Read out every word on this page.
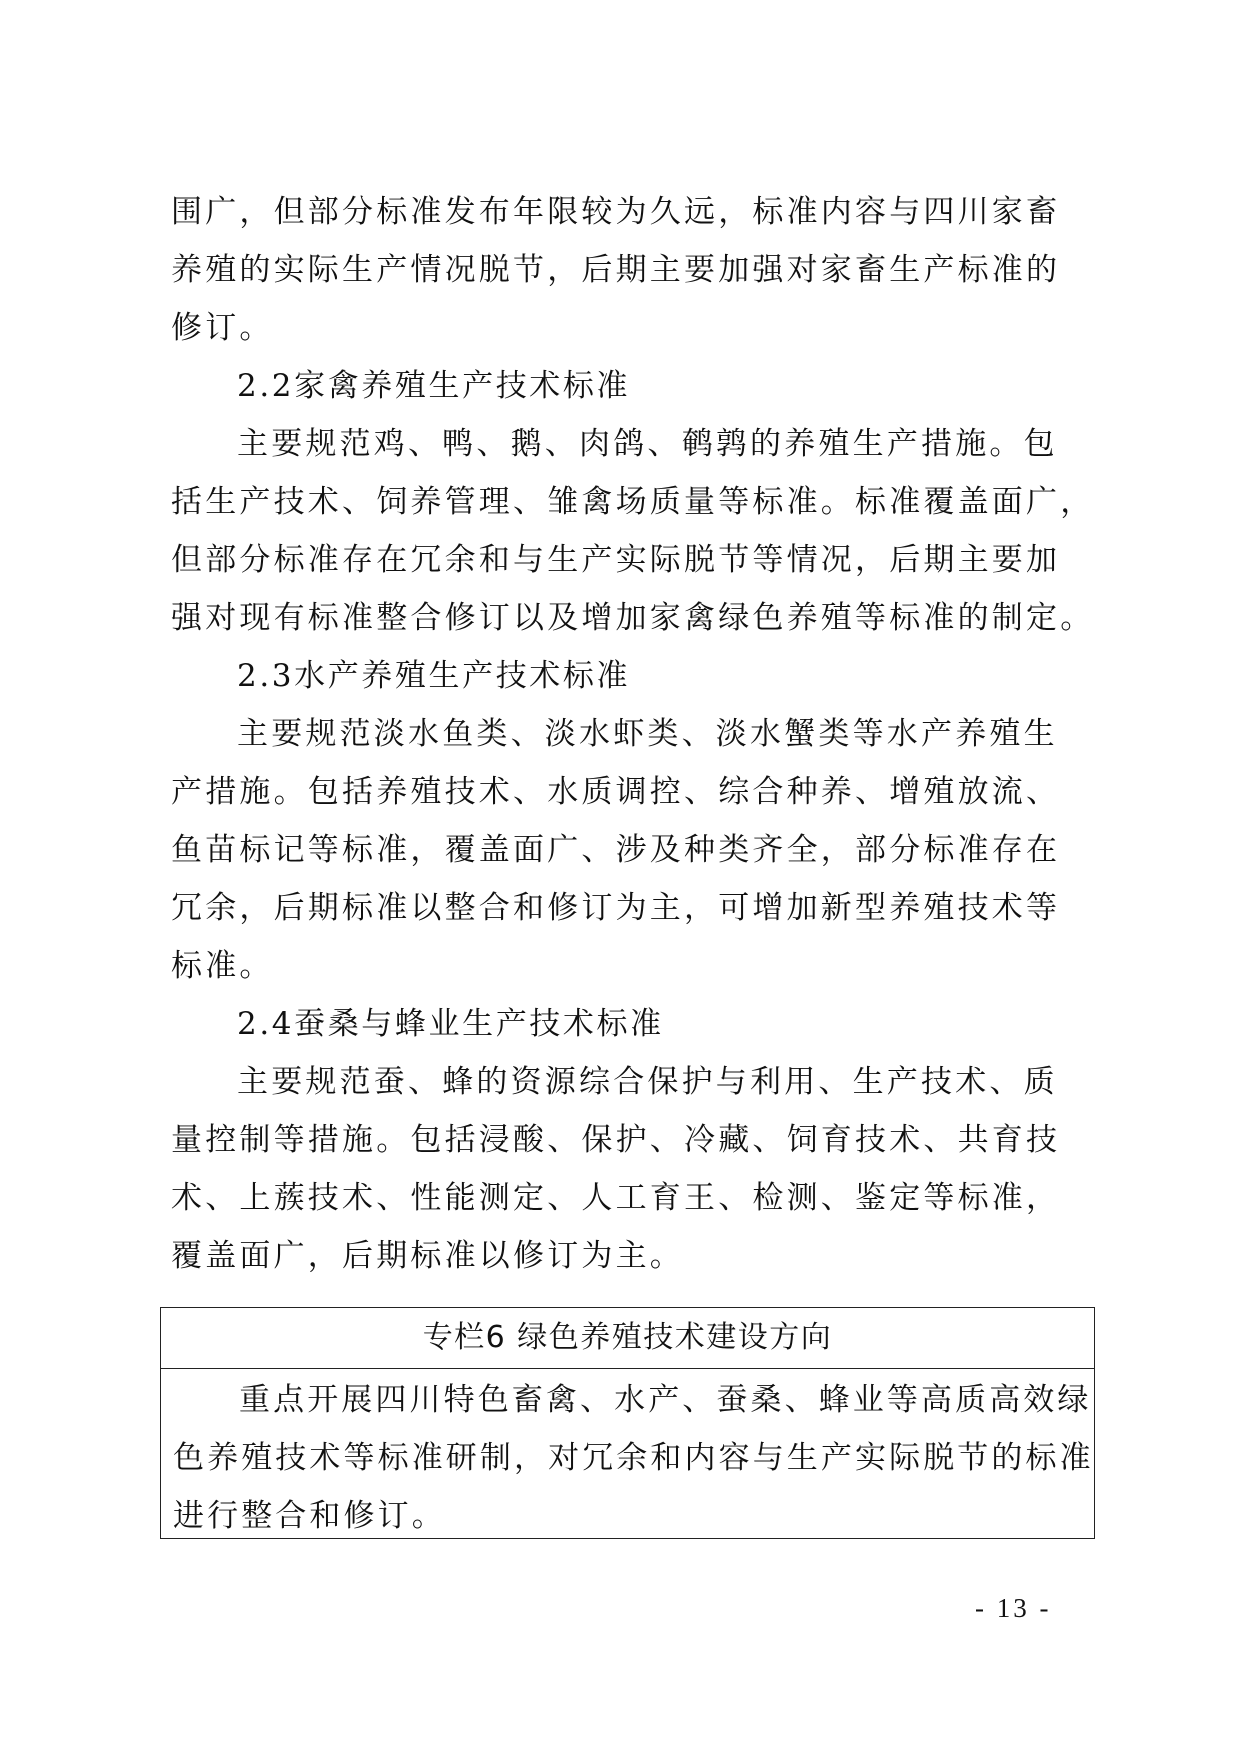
围广，但部分标准发布年限较为久远，标准内容与四川家畜
养殖的实际生产情况脱节，后期主要加强对家畜生产标准的
修订。
2.2家禽养殖生产技术标准
主要规范鸡、鸭、鹅、肉鸽、鹌鹑的养殖生产措施。包
括生产技术、饲养管理、雏禽场质量等标准。标准覆盖面广，
但部分标准存在冗余和与生产实际脱节等情况，后期主要加
强对现有标准整合修订以及增加家禽绿色养殖等标准的制定。
2.3水产养殖生产技术标准
主要规范淡水鱼类、淡水虾类、淡水蟹类等水产养殖生
产措施。包括养殖技术、水质调控、综合种养、增殖放流、
鱼苗标记等标准，覆盖面广、涉及种类齐全，部分标准存在
冗余，后期标准以整合和修订为主，可增加新型养殖技术等
标准。
2.4蚕桑与蜂业生产技术标准
主要规范蚕、蜂的资源综合保护与利用、生产技术、质
量控制等措施。包括浸酸、保护、冷藏、饲育技术、共育技
术、上蔟技术、性能测定、人工育王、检测、鉴定等标准，
覆盖面广，后期标准以修订为主。
专栏6 绿色养殖技术建设方向
重点开展四川特色畜禽、水产、蚕桑、蜂业等高质高效绿
色养殖技术等标准研制，对冗余和内容与生产实际脱节的标准
进行整合和修订。
- 13 -
